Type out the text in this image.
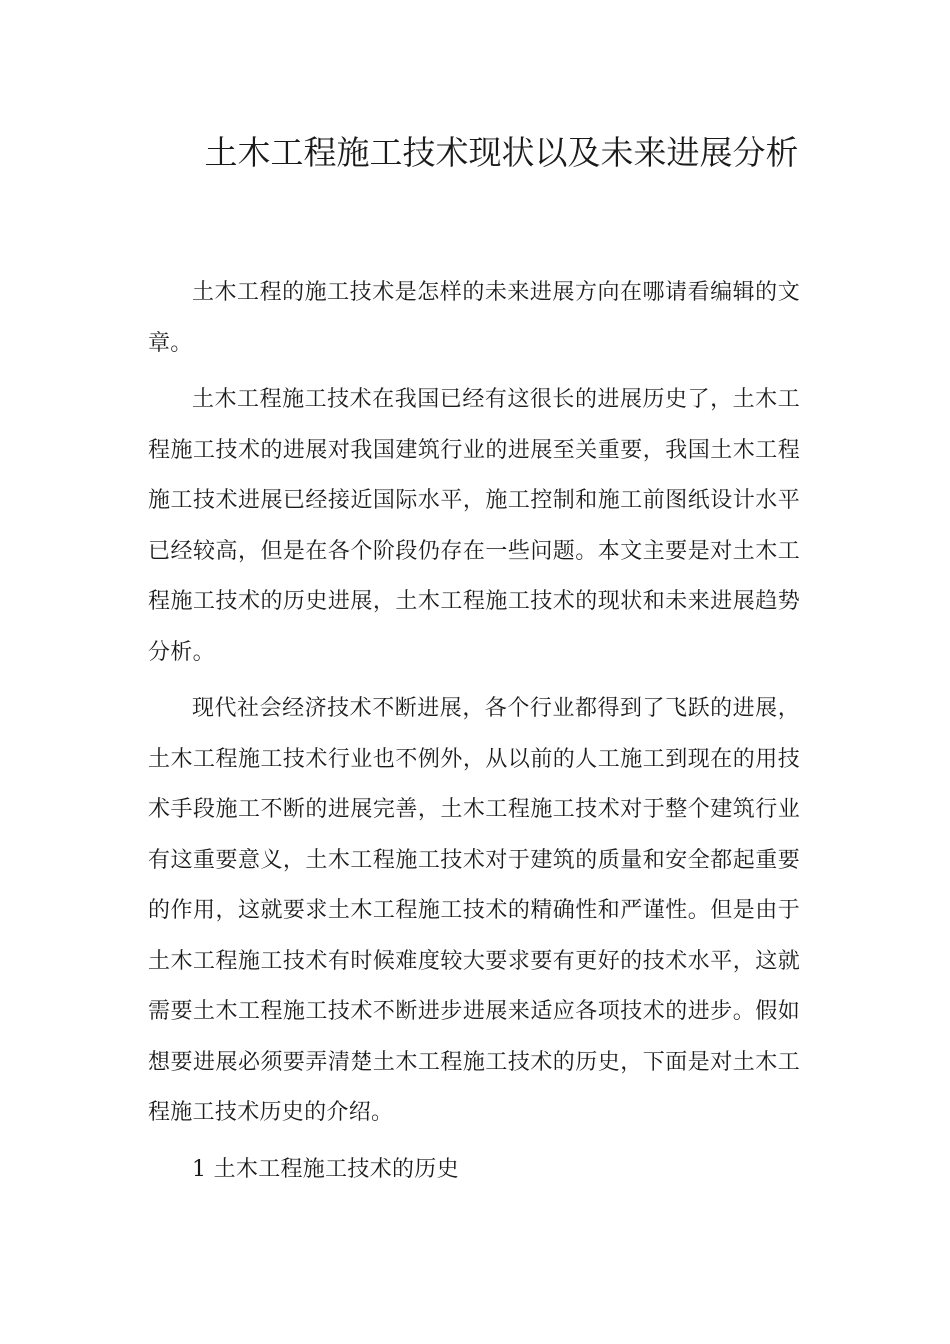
土木工程施工技术现状以及未来进展分析

土木工程的施工技术是怎样的未来进展方向在哪请看编辑的文章。

土木工程施工技术在我国已经有这很长的进展历史了，土木工程施工技术的进展对我国建筑行业的进展至关重要，我国土木工程施工技术进展已经接近国际水平，施工控制和施工前图纸设计水平已经较高，但是在各个阶段仍存在一些问题。本文主要是对土木工程施工技术的历史进展，土木工程施工技术的现状和未来进展趋势分析。

现代社会经济技术不断进展，各个行业都得到了飞跃的进展，土木工程施工技术行业也不例外，从以前的人工施工到现在的用技术手段施工不断的进展完善，土木工程施工技术对于整个建筑行业有这重要意义，土木工程施工技术对于建筑的质量和安全都起重要的作用，这就要求土木工程施工技术的精确性和严谨性。但是由于土木工程施工技术有时候难度较大要求要有更好的技术水平，这就需要土木工程施工技术不断进步进展来适应各项技术的进步。假如想要进展必须要弄清楚土木工程施工技术的历史，下面是对土木工程施工技术历史的介绍。

1 土木工程施工技术的历史
